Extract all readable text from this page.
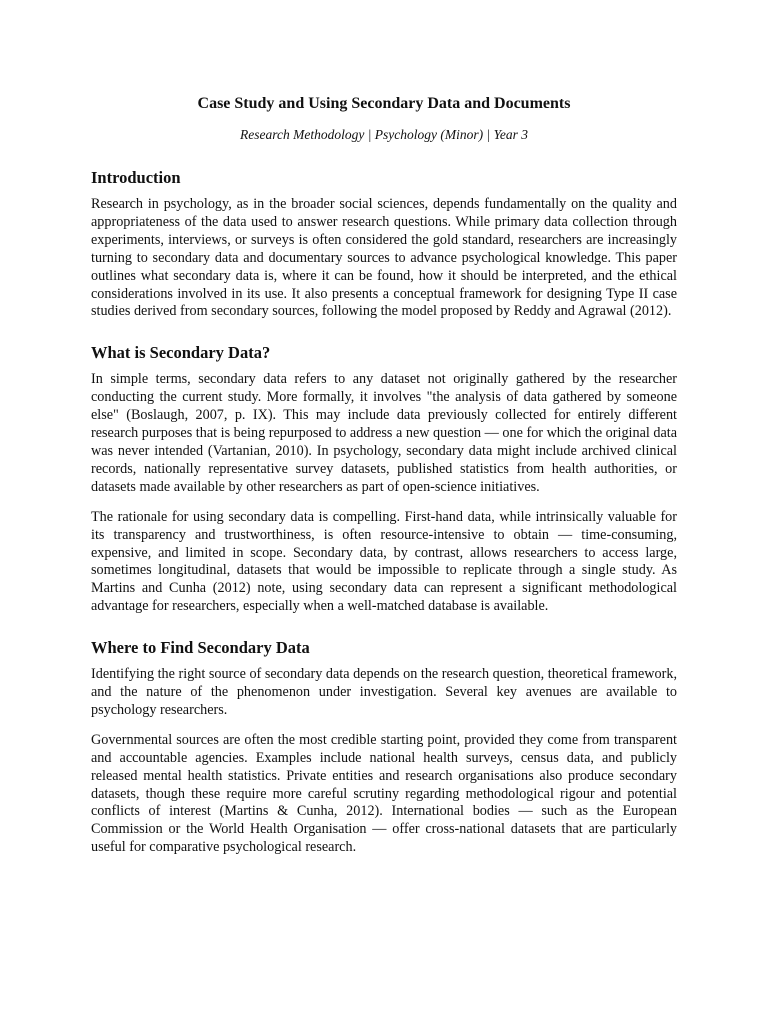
Case Study and Using Secondary Data and Documents
Research Methodology | Psychology (Minor) | Year 3
Introduction

Research in psychology, as in the broader social sciences, depends fundamentally on the quality and appropriateness of the data used to answer research questions. While primary data collection through experiments, interviews, or surveys is often considered the gold standard, researchers are increasingly turning to secondary data and documentary sources to advance psychological knowledge. This paper outlines what secondary data is, where it can be found, how it should be interpreted, and the ethical considerations involved in its use. It also presents a conceptual framework for designing Type II case studies derived from secondary sources, following the model proposed by Reddy and Agrawal (2012).

What is Secondary Data?

In simple terms, secondary data refers to any dataset not originally gathered by the researcher conducting the current study. More formally, it involves "the analysis of data gathered by someone else" (Boslaugh, 2007, p. IX). This may include data previously collected for entirely different research purposes that is being repurposed to address a new question — one for which the original data was never intended (Vartanian, 2010). In psychology, secondary data might include archived clinical records, nationally representative survey datasets, published statistics from health authorities, or datasets made available by other researchers as part of open-science initiatives.

The rationale for using secondary data is compelling. First-hand data, while intrinsically valuable for its transparency and trustworthiness, is often resource-intensive to obtain — time-consuming, expensive, and limited in scope. Secondary data, by contrast, allows researchers to access large, sometimes longitudinal, datasets that would be impossible to replicate through a single study. As Martins and Cunha (2012) note, using secondary data can represent a significant methodological advantage for researchers, especially when a well-matched database is available.

Where to Find Secondary Data

Identifying the right source of secondary data depends on the research question, theoretical framework, and the nature of the phenomenon under investigation. Several key avenues are available to psychology researchers.

Governmental sources are often the most credible starting point, provided they come from transparent and accountable agencies. Examples include national health surveys, census data, and publicly released mental health statistics. Private entities and research organisations also produce secondary datasets, though these require more careful scrutiny regarding methodological rigour and potential conflicts of interest (Martins & Cunha, 2012). International bodies — such as the European Commission or the World Health Organisation — offer cross-national datasets that are particularly useful for comparative psychological research.
